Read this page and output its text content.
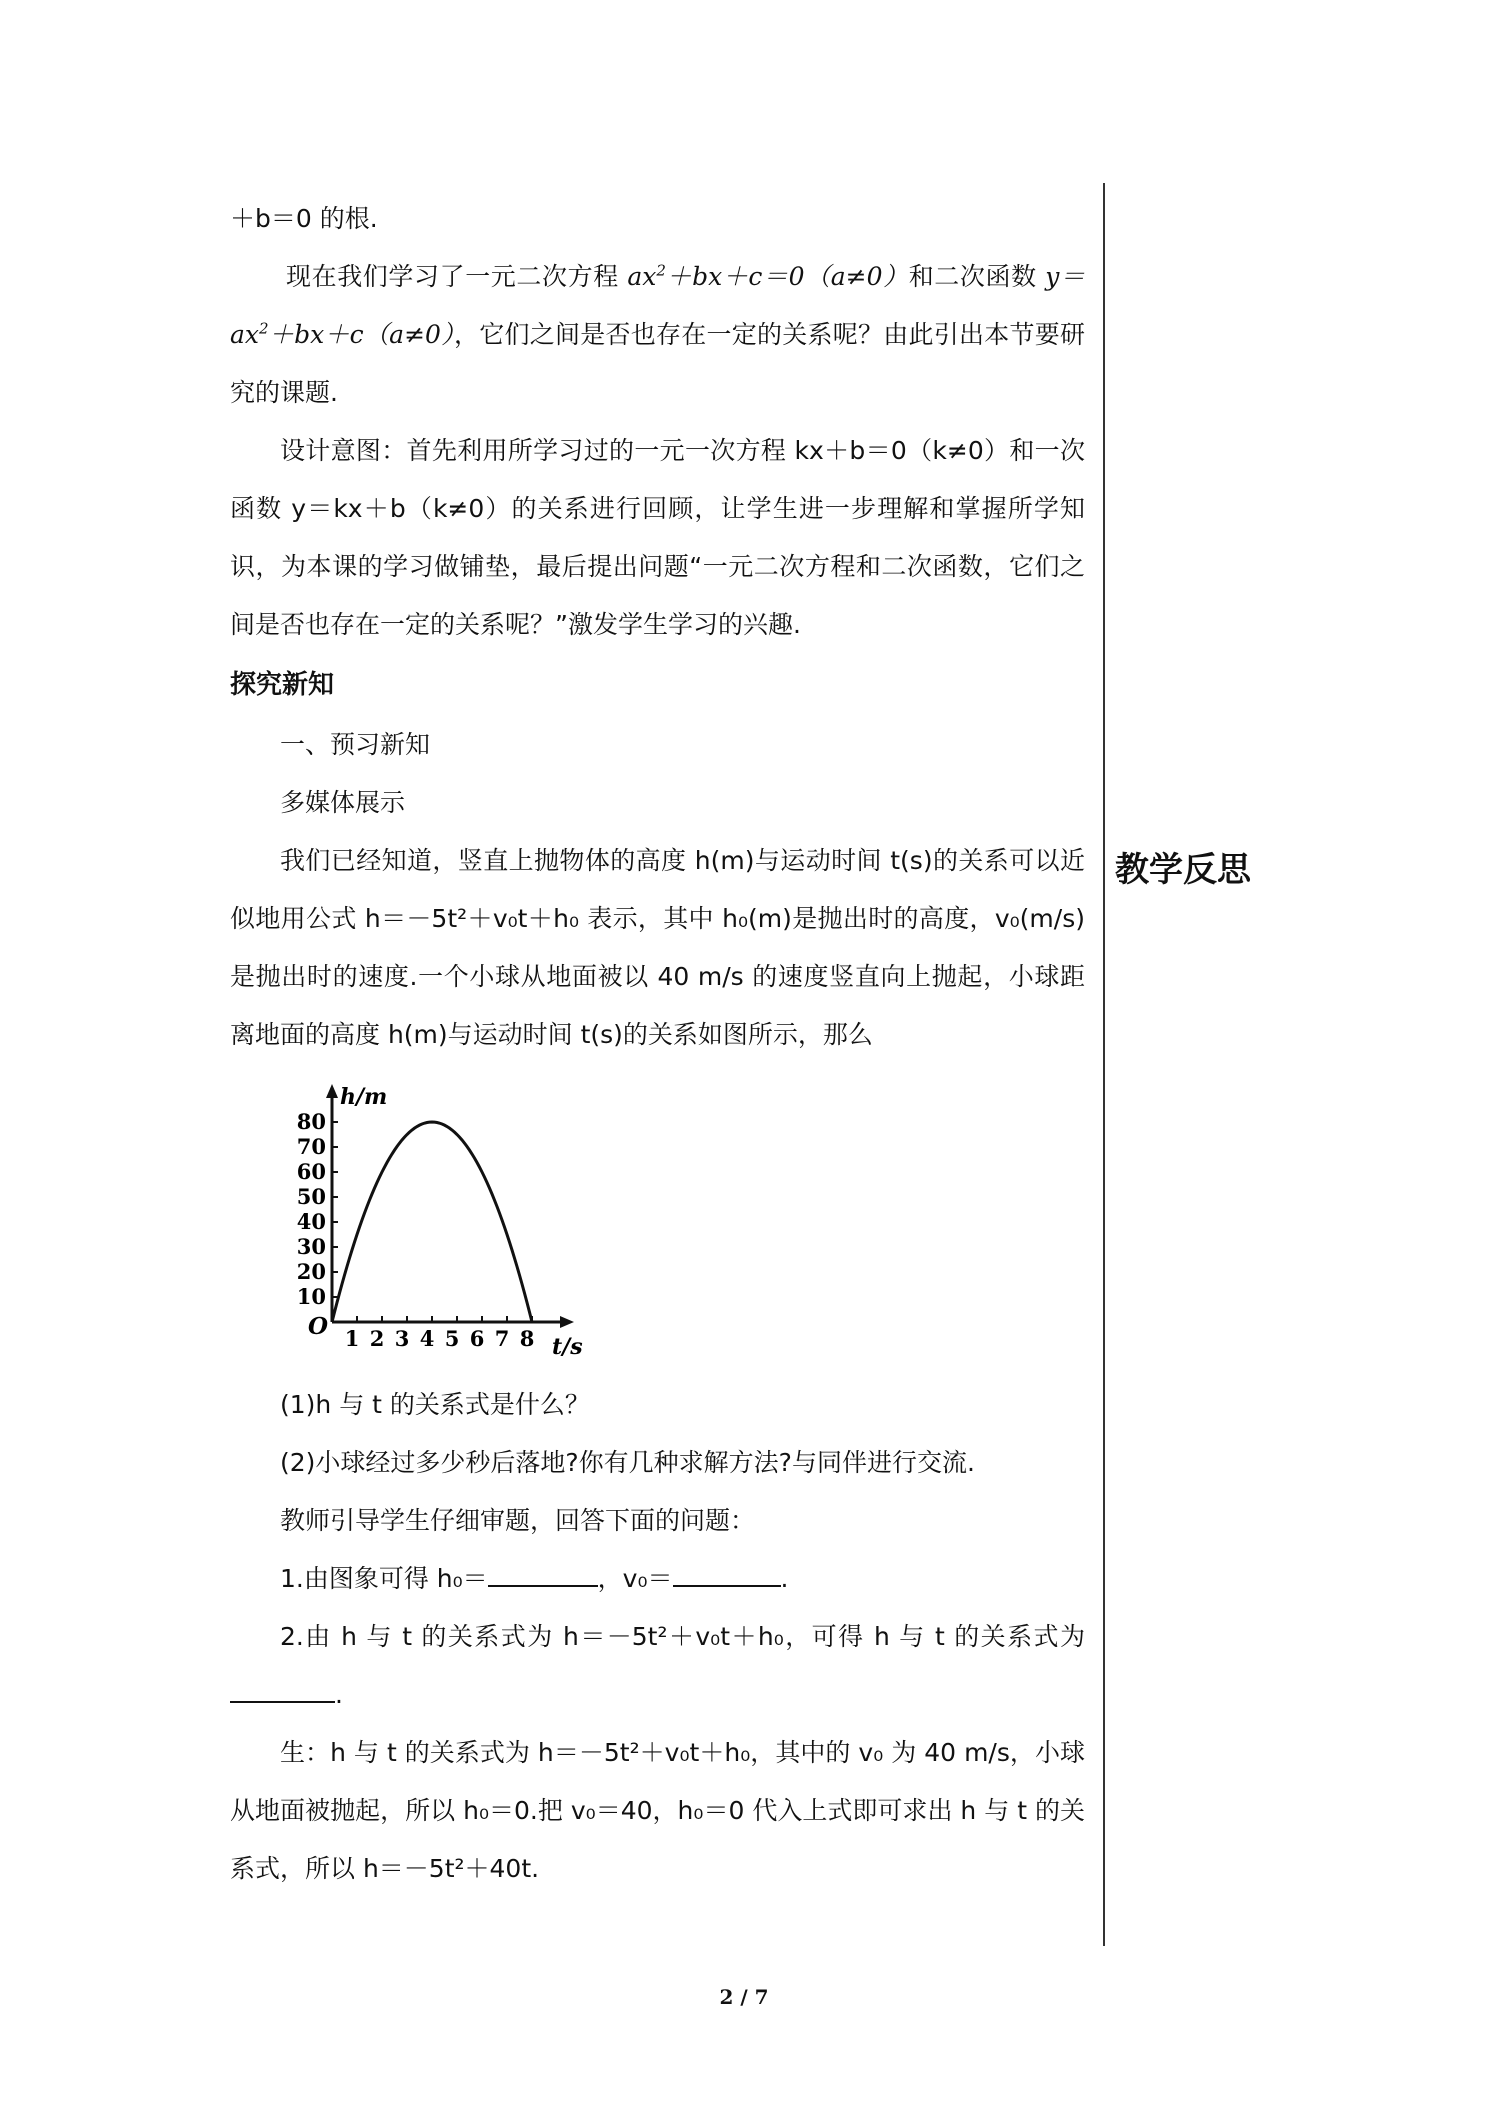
＋b＝0 的根.

现在我们学习了一元二次方程 $ax^2+bx+c=0(a\ne 0)$和二次函数 $y=ax^2+bx+c(a\ne 0)$，它们之间是否也存在一定的关系呢？由此引出本节要研究的课题.

设计意图：首先利用所学习过的一元一次方程 kx＋b＝0（k≠0）和一次函数 y＝kx＋b（k≠0）的关系进行回顾，让学生进一步理解和掌握所学知识，为本课的学习做铺垫，最后提出问题“一元二次方程和二次函数，它们之间是否也存在一定的关系呢？”激发学生学习的兴趣.

探究新知

一、预习新知

多媒体展示

我们已经知道，竖直上抛物体的高度 h(m)与运动时间 t(s)的关系可以近似地用公式 h＝－5t²＋v₀t＋h₀ 表示，其中 h₀(m)是抛出时的高度，v₀(m/s)是抛出时的速度.一个小球从地面被以 40 m/s 的速度竖直向上抛起，小球距离地面的高度 h(m)与运动时间 t(s)的关系如图所示，那么

10
20
30
40
50
60
70
80
1 2 3 4 5 6 7 8
O
h/m
t/s

(1)h 与 t 的关系式是什么？

(2)小球经过多少秒后落地?你有几种求解方法?与同伴进行交流.

教师引导学生仔细审题，回答下面的问题：

1.由图象可得 h₀＝	，v₀＝	.

2.由 h 与 t 的关系式为 h＝－5t²＋v₀t＋h₀，可得 h 与 t 的关系式为.

生：h 与 t 的关系式为 h＝－5t²＋v₀t＋h₀，其中的 v₀ 为 40 m/s，小球从地面被抛起，所以 h₀＝0.把 v₀＝40，h₀＝0 代入上式即可求出 h 与 t 的关系式，所以 h＝－5t²＋40t.

教学反思
2 / 7
